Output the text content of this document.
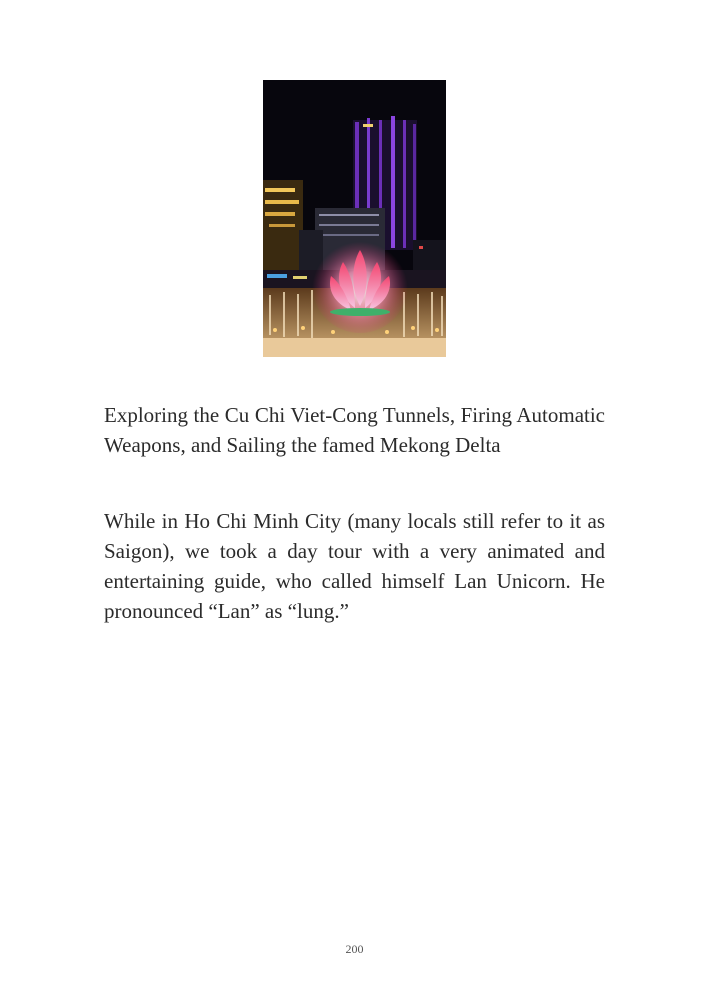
Exploring the Cu Chi Viet-Cong Tunnels, Firing Automatic Weapons, and Sailing the famed Mekong Delta

While in Ho Chi Minh City (many locals still refer to it as Saigon), we took a day tour with a very animated and entertaining guide, who called himself Lan Unicorn. He pronounced “Lan” as “lung.”

200
